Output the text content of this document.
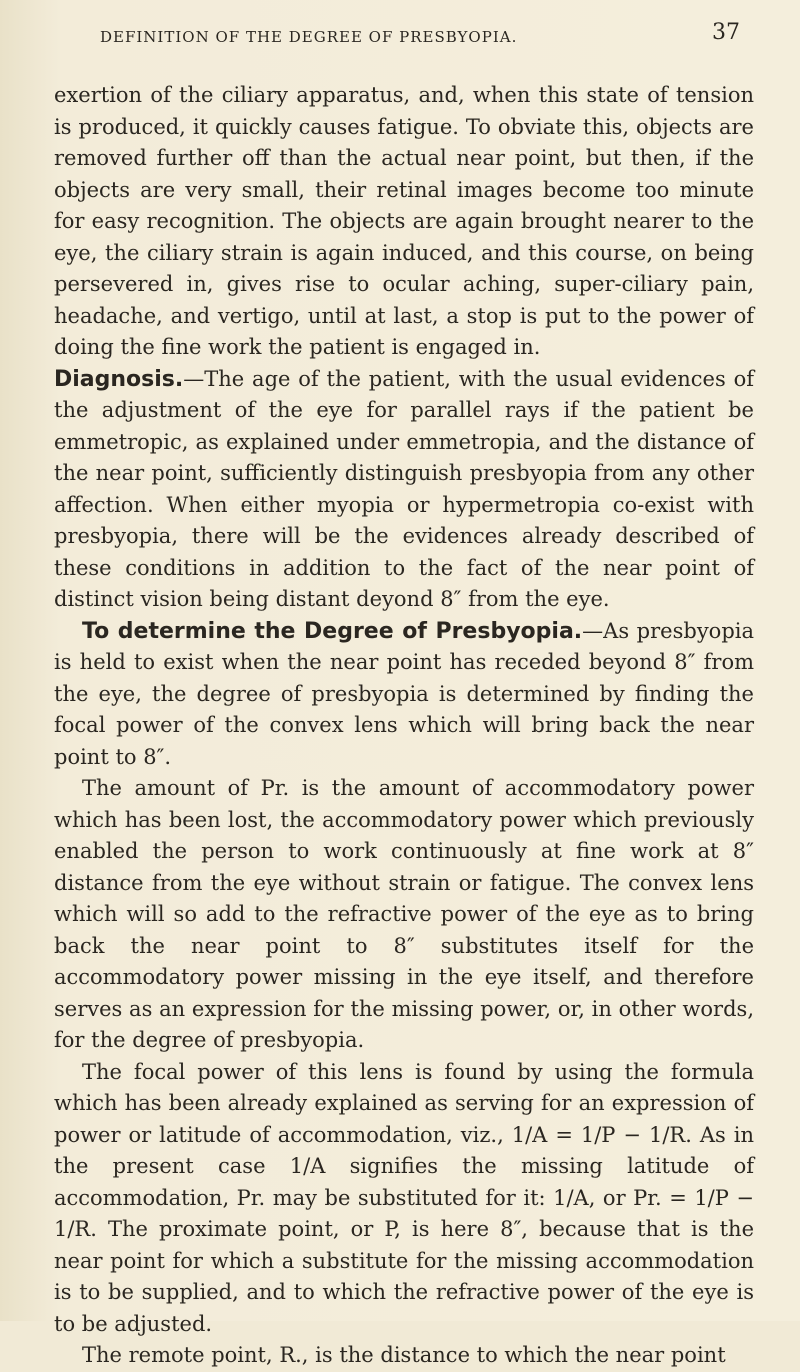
DEFINITION OF THE DEGREE OF PRESBYOPIA.	37

exertion of the ciliary apparatus, and, when this state of tension is produced, it quickly causes fatigue. To obviate this, objects are removed further off than the actual near point, but then, if the objects are very small, their retinal images become too minute for easy recognition. The objects are again brought nearer to the eye, the ciliary strain is again induced, and this course, on being persevered in, gives rise to ocular aching, super-ciliary pain, headache, and vertigo, until at last, a stop is put to the power of doing the fine work the patient is engaged in.

Diagnosis.—The age of the patient, with the usual evidences of the adjustment of the eye for parallel rays if the patient be emmetropic, as explained under emmetropia, and the distance of the near point, sufficiently distinguish presbyopia from any other affection. When either myopia or hypermetropia co-exist with presbyopia, there will be the evidences already described of these conditions in addition to the fact of the near point of distinct vision being distant deyond 8″ from the eye.

To determine the Degree of Presbyopia.—As presbyopia is held to exist when the near point has receded beyond 8″ from the eye, the degree of presbyopia is determined by finding the focal power of the convex lens which will bring back the near point to 8″.

The amount of Pr. is the amount of accommodatory power which has been lost, the accommodatory power which previously enabled the person to work continuously at fine work at 8″ distance from the eye without strain or fatigue. The convex lens which will so add to the refractive power of the eye as to bring back the near point to 8″ substitutes itself for the accommodatory power missing in the eye itself, and therefore serves as an expression for the missing power, or, in other words, for the degree of presbyopia.

The focal power of this lens is found by using the formula which has been already explained as serving for an expression of power or latitude of accommodation, viz., 1/A = 1/P − 1/R. As in the present case 1/A signifies the missing latitude of accommodation, Pr. may be substituted for it: 1/A, or Pr. = 1/P − 1/R. The proximate point, or P, is here 8″, because that is the near point for which a substitute for the missing accommodation is to be supplied, and to which the refractive power of the eye is to be adjusted.

The remote point, R., is the distance to which the near point
